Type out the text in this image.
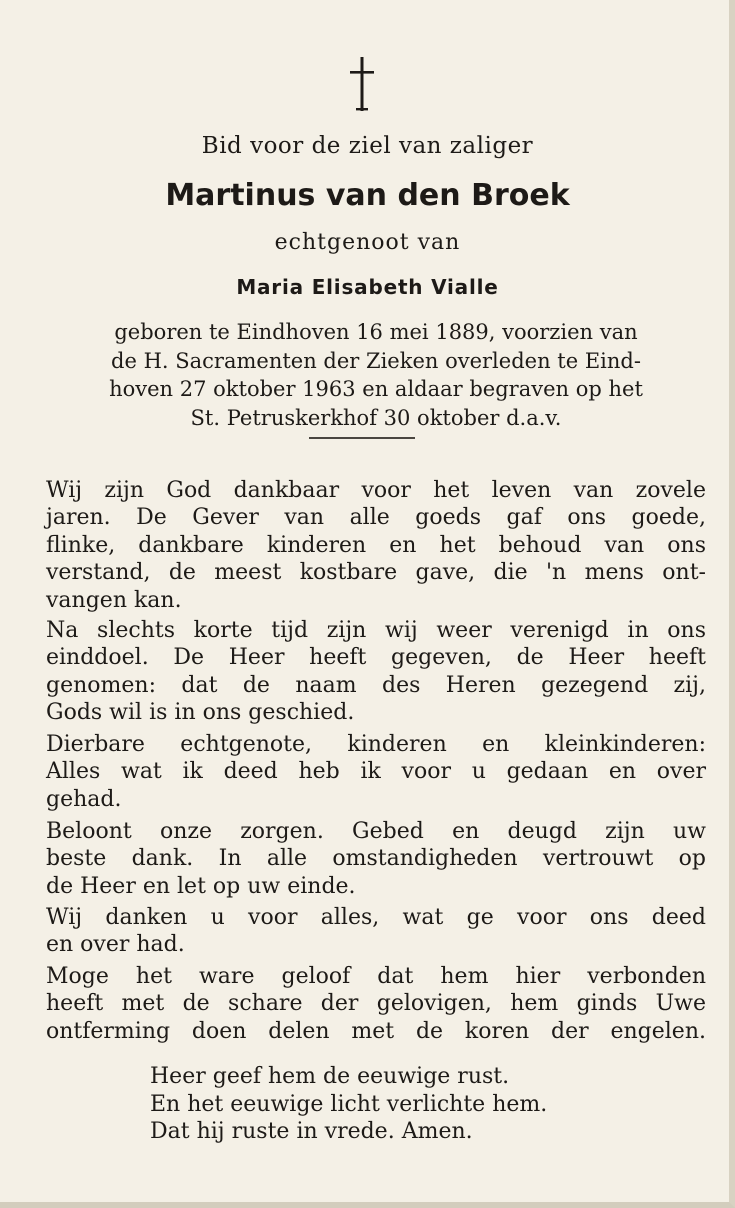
Bid voor de ziel van zaliger
Martinus van den Broek
echtgenoot van
Maria Elisabeth Vialle
geboren te Eindhoven 16 mei 1889, voorzien van
de H. Sacramenten der Zieken overleden te Eind-
hoven 27 oktober 1963 en aldaar begraven op het
St. Petruskerkhof 30 oktober d.a.v.
Wij zijn God dankbaar voor het leven van zovele
jaren. De Gever van alle goeds gaf ons goede,
flinke, dankbare kinderen en het behoud van ons
verstand, de meest kostbare gave, die 'n mens ont-
vangen kan.
Na slechts korte tijd zijn wij weer verenigd in ons
einddoel. De Heer heeft gegeven, de Heer heeft
genomen: dat de naam des Heren gezegend zij,
Gods wil is in ons geschied.
Dierbare echtgenote, kinderen en kleinkinderen:
Alles wat ik deed heb ik voor u gedaan en over
gehad.
Beloont onze zorgen. Gebed en deugd zijn uw
beste dank. In alle omstandigheden vertrouwt op
de Heer en let op uw einde.
Wij danken u voor alles, wat ge voor ons deed
en over had.
Moge het ware geloof dat hem hier verbonden
heeft met de schare der gelovigen, hem ginds Uwe
ontferming doen delen met de koren der engelen.
Heer geef hem de eeuwige rust.
En het eeuwige licht verlichte hem.
Dat hij ruste in vrede. Amen.
